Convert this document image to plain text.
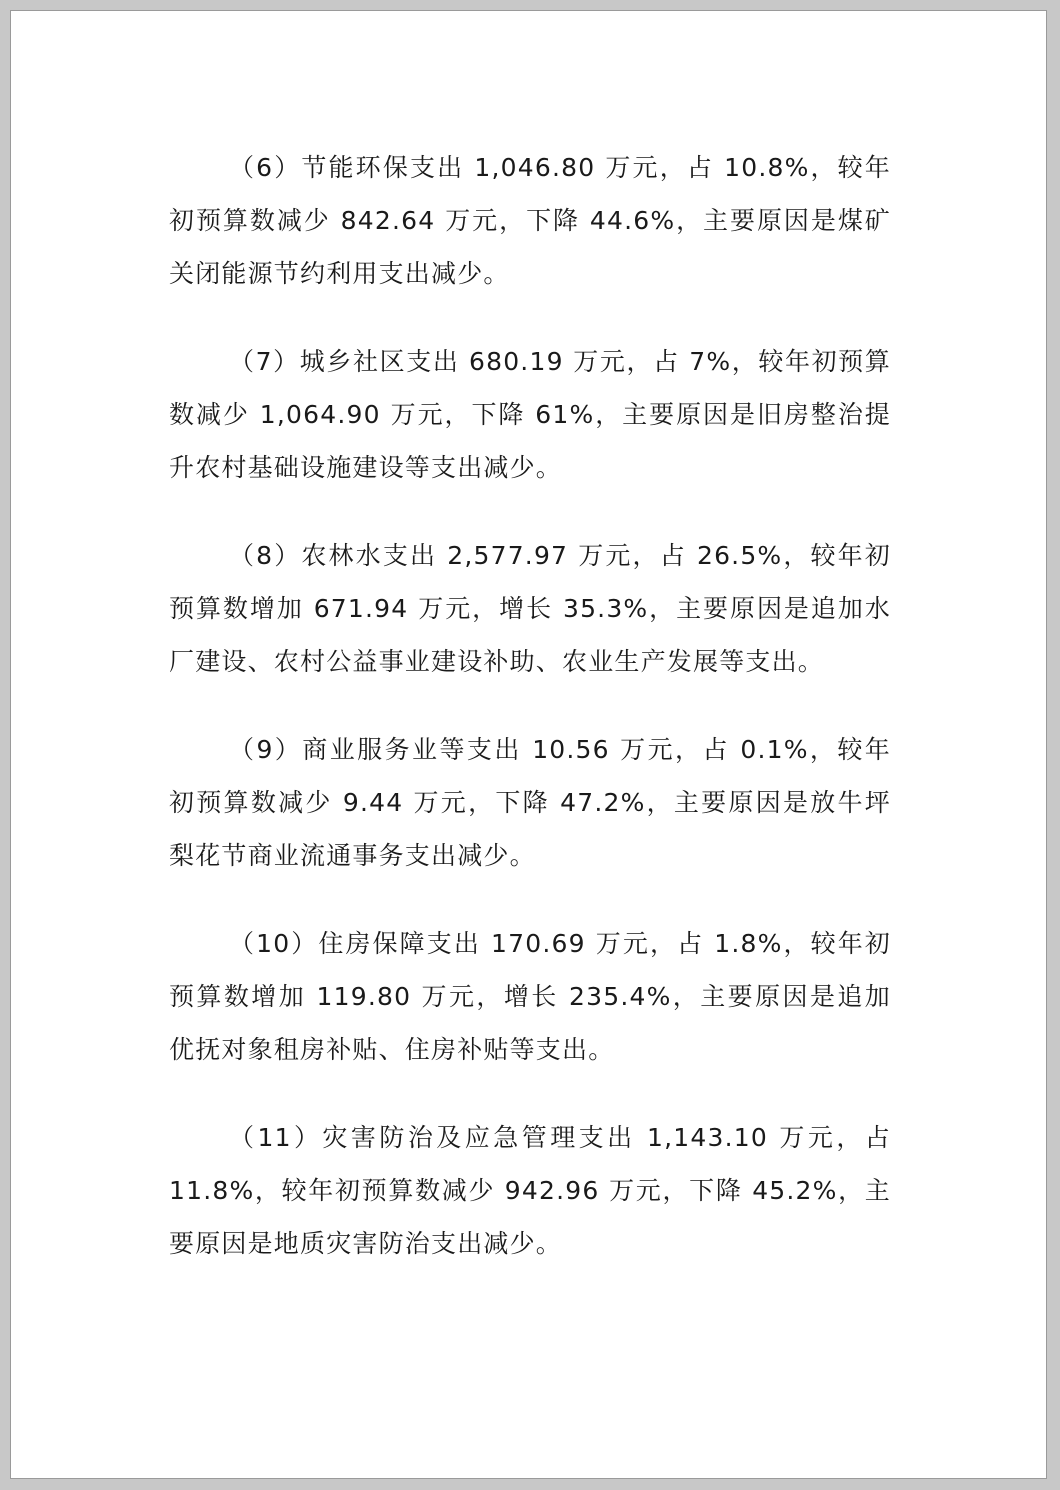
（6）节能环保支出 1,046.80 万元，占 10.8%，较年初预算数减少 842.64 万元，下降 44.6%，主要原因是煤矿关闭能源节约利用支出减少。

（7）城乡社区支出 680.19 万元，占 7%，较年初预算数减少 1,064.90 万元，下降 61%，主要原因是旧房整治提升农村基础设施建设等支出减少。

（8）农林水支出 2,577.97 万元，占 26.5%，较年初预算数增加 671.94 万元，增长 35.3%，主要原因是追加水厂建设、农村公益事业建设补助、农业生产发展等支出。

（9）商业服务业等支出 10.56 万元，占 0.1%，较年初预算数减少 9.44 万元，下降 47.2%，主要原因是放牛坪梨花节商业流通事务支出减少。

（10）住房保障支出 170.69 万元，占 1.8%，较年初预算数增加 119.80 万元，增长 235.4%，主要原因是追加优抚对象租房补贴、住房补贴等支出。

（11）灾害防治及应急管理支出 1,143.10 万元，占 11.8%，较年初预算数减少 942.96 万元，下降 45.2%，主要原因是地质灾害防治支出减少。
